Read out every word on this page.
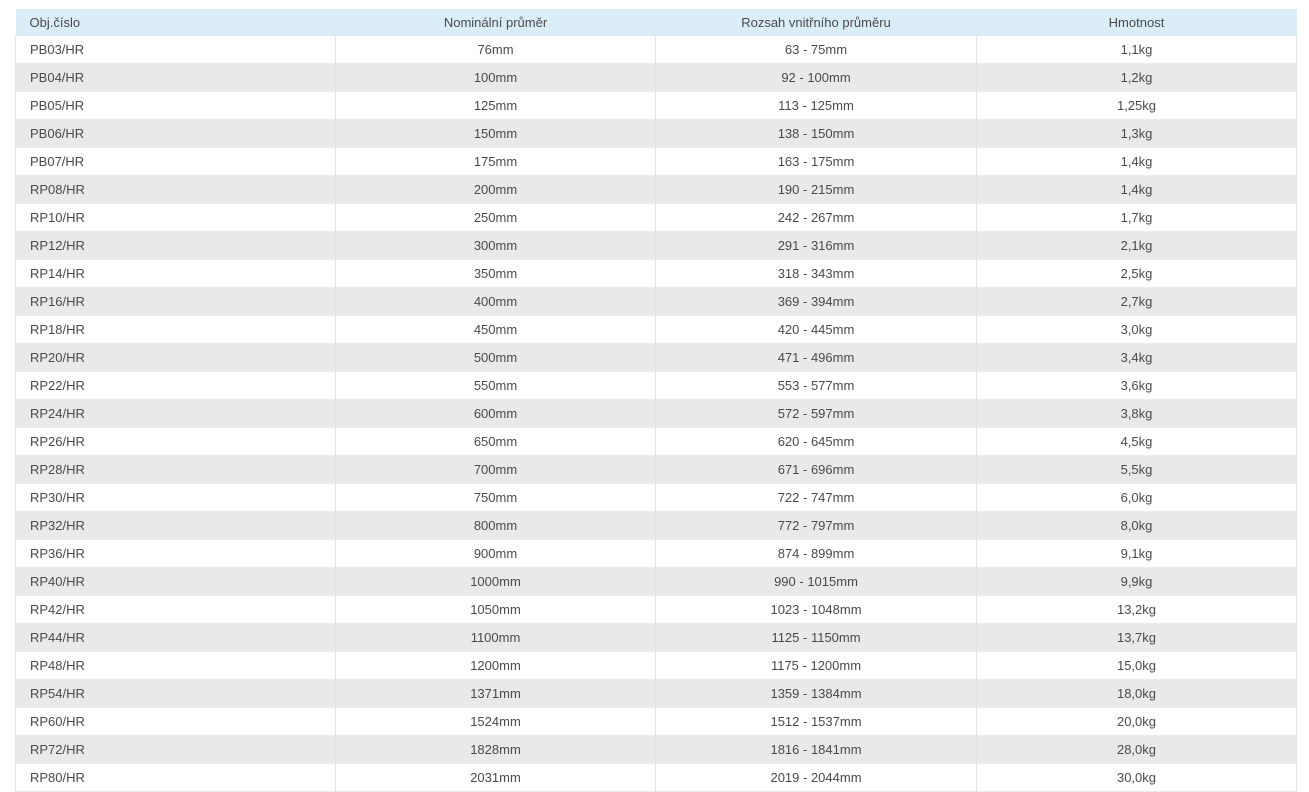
Obj.číslo	Nominální průměr	Rozsah vnitřního průměru	Hmotnost
PB03/HR	76mm	63 - 75mm	1,1kg
PB04/HR	100mm	92 - 100mm	1,2kg
PB05/HR	125mm	113 - 125mm	1,25kg
PB06/HR	150mm	138 - 150mm	1,3kg
PB07/HR	175mm	163 - 175mm	1,4kg
RP08/HR	200mm	190 - 215mm	1,4kg
RP10/HR	250mm	242 - 267mm	1,7kg
RP12/HR	300mm	291 - 316mm	2,1kg
RP14/HR	350mm	318 - 343mm	2,5kg
RP16/HR	400mm	369 - 394mm	2,7kg
RP18/HR	450mm	420 - 445mm	3,0kg
RP20/HR	500mm	471 - 496mm	3,4kg
RP22/HR	550mm	553 - 577mm	3,6kg
RP24/HR	600mm	572 - 597mm	3,8kg
RP26/HR	650mm	620 - 645mm	4,5kg
RP28/HR	700mm	671 - 696mm	5,5kg
RP30/HR	750mm	722 - 747mm	6,0kg
RP32/HR	800mm	772 - 797mm	8,0kg
RP36/HR	900mm	874 - 899mm	9,1kg
RP40/HR	1000mm	990 - 1015mm	9,9kg
RP42/HR	1050mm	1023 - 1048mm	13,2kg
RP44/HR	1100mm	1125 - 1150mm	13,7kg
RP48/HR	1200mm	1175 - 1200mm	15,0kg
RP54/HR	1371mm	1359 - 1384mm	18,0kg
RP60/HR	1524mm	1512 - 1537mm	20,0kg
RP72/HR	1828mm	1816 - 1841mm	28,0kg
RP80/HR	2031mm	2019 - 2044mm	30,0kg
